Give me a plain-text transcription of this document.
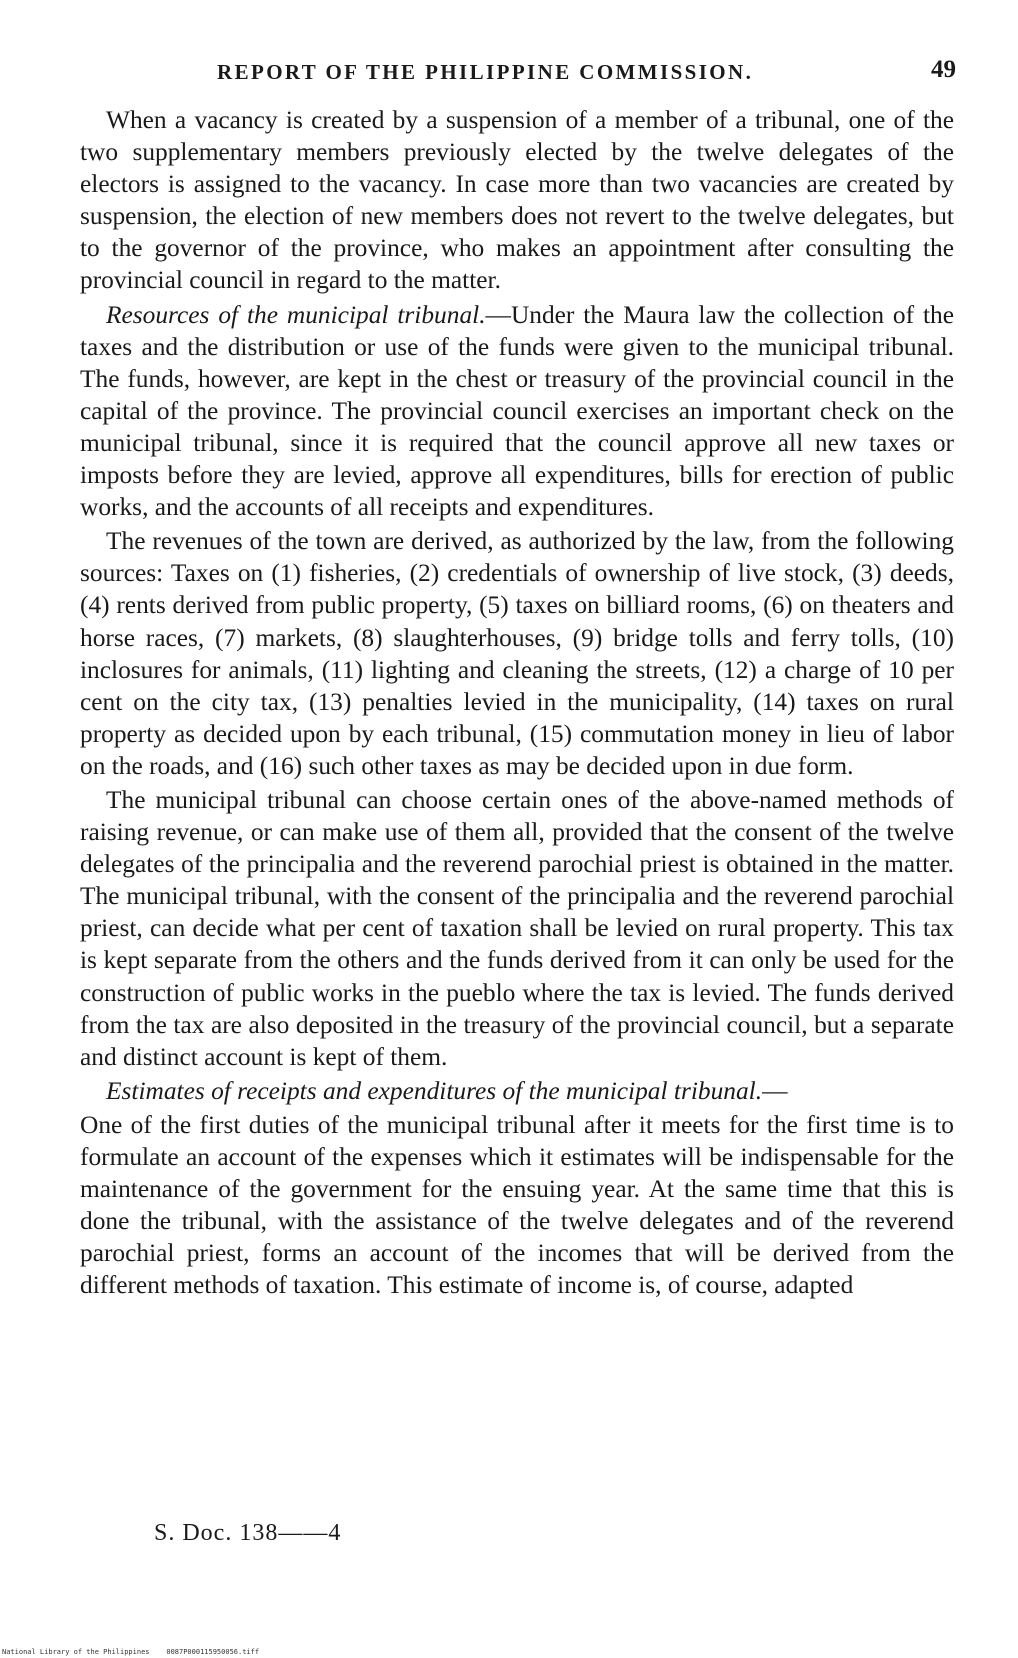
REPORT OF THE PHILIPPINE COMMISSION.	49

When a vacancy is created by a suspension of a member of a tribunal, one of the two supplementary members previously elected by the twelve delegates of the electors is assigned to the vacancy. In case more than two vacancies are created by suspension, the election of new members does not revert to the twelve delegates, but to the governor of the province, who makes an appointment after consulting the provincial council in regard to the matter.

Resources of the municipal tribunal.—Under the Maura law the collection of the taxes and the distribution or use of the funds were given to the municipal tribunal. The funds, however, are kept in the chest or treasury of the provincial council in the capital of the province. The provincial council exercises an important check on the municipal tribunal, since it is required that the council approve all new taxes or imposts before they are levied, approve all expenditures, bills for erection of public works, and the accounts of all receipts and expenditures.

The revenues of the town are derived, as authorized by the law, from the following sources: Taxes on (1) fisheries, (2) credentials of ownership of live stock, (3) deeds, (4) rents derived from public property, (5) taxes on billiard rooms, (6) on theaters and horse races, (7) markets, (8) slaughterhouses, (9) bridge tolls and ferry tolls, (10) inclosures for animals, (11) lighting and cleaning the streets, (12) a charge of 10 per cent on the city tax, (13) penalties levied in the municipality, (14) taxes on rural property as decided upon by each tribunal, (15) commutation money in lieu of labor on the roads, and (16) such other taxes as may be decided upon in due form.

The municipal tribunal can choose certain ones of the above-named methods of raising revenue, or can make use of them all, provided that the consent of the twelve delegates of the principalia and the reverend parochial priest is obtained in the matter. The municipal tribunal, with the consent of the principalia and the reverend parochial priest, can decide what per cent of taxation shall be levied on rural property. This tax is kept separate from the others and the funds derived from it can only be used for the construction of public works in the pueblo where the tax is levied. The funds derived from the tax are also deposited in the treasury of the provincial council, but a separate and distinct account is kept of them.

Estimates of receipts and expenditures of the municipal tribunal.—

One of the first duties of the municipal tribunal after it meets for the first time is to formulate an account of the expenses which it estimates will be indispensable for the maintenance of the government for the ensuing year. At the same time that this is done the tribunal, with the assistance of the twelve delegates and of the reverend parochial priest, forms an account of the incomes that will be derived from the different methods of taxation. This estimate of income is, of course, adapted

S. Doc. 138——4
National Library of the Philippines    0087P000115950056.tiff
